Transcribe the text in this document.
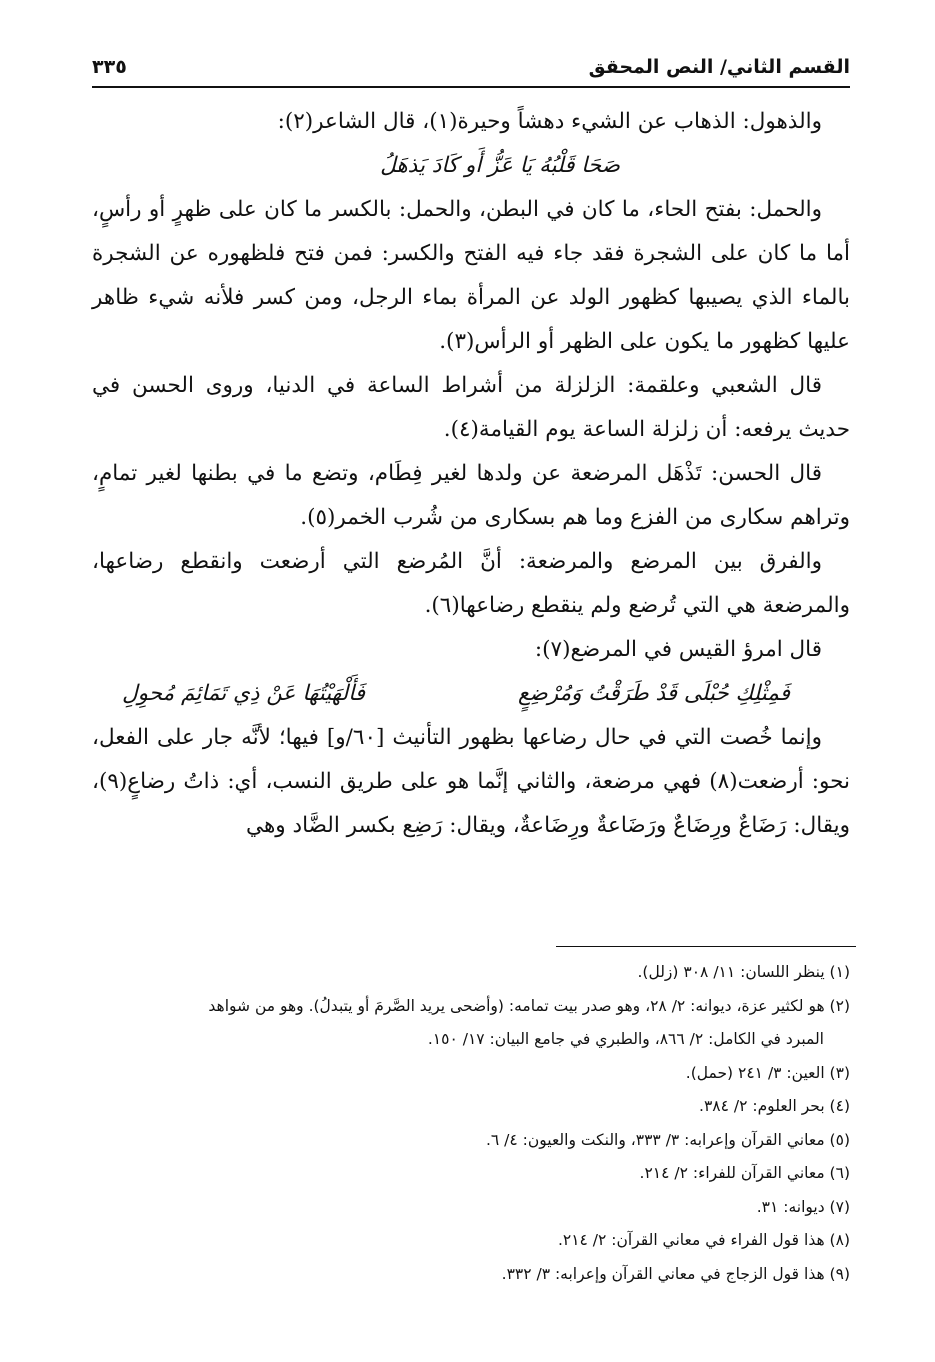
٣٣٥	القسم الثاني/ النص المحقق

والذهول: الذهاب عن الشيء دهشاً وحيرة(١)، قال الشاعر(٢):

صَحَا قَلْبُهُ يَا عَزُّ أَو كَادَ يَذهَلُ

والحمل: بفتح الحاء، ما كان في البطن، والحمل: بالكسر ما كان على ظهرٍ أو رأسٍ، أما ما كان على الشجرة فقد جاء فيه الفتح والكسر: فمن فتح فلظهوره عن الشجرة بالماء الذي يصيبها كظهور الولد عن المرأة بماء الرجل، ومن كسر فلأنه شيء ظاهر عليها كظهور ما يكون على الظهر أو الرأس(٣).

قال الشعبي وعلقمة: الزلزلة من أشراط الساعة في الدنيا، وروى الحسن في حديث يرفعه: أن زلزلة الساعة يوم القيامة(٤).

قال الحسن: تَذْهَل المرضعة عن ولدها لغير فِطَام، وتضع ما في بطنها لغير تمامٍ، وتراهم سكارى من الفزع وما هم بسكارى من شُرب الخمر(٥).

والفرق بين المرضع والمرضعة: أنَّ المُرضع التي أرضعت وانقطع رضاعها، والمرضعة هي التي تُرضع ولم ينقطع رضاعها(٦).

قال امرؤ القيس في المرضع(٧):

فَمِثْلِكِ حُبْلَى قَدْ طَرَقْتُ وَمُرْضِعٍ
فَأَلْهَيْتُهَا عَنْ ذِي تَمَائِمَ مُحوِلِ

وإنما خُصت التي في حال رضاعها بظهور التأنيث [٦٠/و] فيها؛ لأنَّه جار على الفعل، نحو: أرضعت(٨) فهي مرضعة، والثاني إنَّما هو على طريق النسب، أي: ذاتُ رضاعٍ(٩)، ويقال: رَضَاعٌ ورِضَاعٌ ورَضَاعةٌ ورِضَاعةٌ، ويقال: رَضِع بكسر الضَّاد وهي

(١) ينظر اللسان: ١١/ ٣٠٨ (زلل).

(٢) هو لكثير عزة، ديوانه: ٢/ ٢٨، وهو صدر بيت تمامه: (وأضحى يريد الصَّرمَ أو يتبدلُ). وهو من شواهد

المبرد في الكامل: ٢/ ٨٦٦، والطبري في جامع البيان: ١٧/ ١٥٠.

(٣) العين: ٣/ ٢٤١ (حمل).

(٤) بحر العلوم: ٢/ ٣٨٤.

(٥) معاني القرآن وإعرابه: ٣/ ٣٣٣، والنكت والعيون: ٤/ ٦.

(٦) معاني القرآن للفراء: ٢/ ٢١٤.

(٧) ديوانه: ٣١.

(٨) هذا قول الفراء في معاني القرآن: ٢/ ٢١٤.

(٩) هذا قول الزجاج في معاني القرآن وإعرابه: ٣/ ٣٣٢.
